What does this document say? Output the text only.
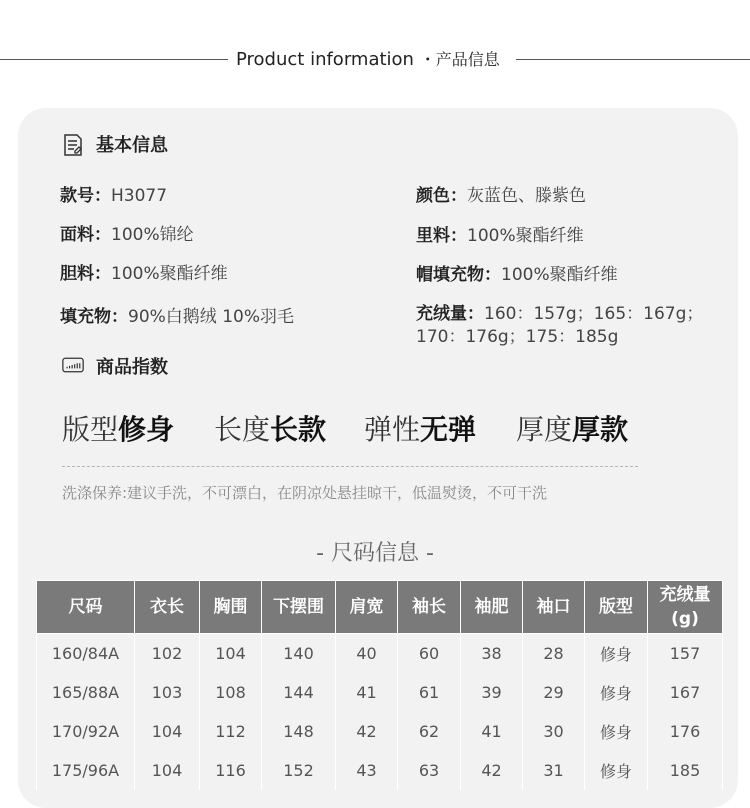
Product information ・产品信息
基本信息
款号：H3077	颜色：灰蓝色、滕紫色
面料：100%锦纶	里料：100%聚酯纤维
胆料：100%聚酯纤维	帽填充物：100%聚酯纤维
填充物：90%白鹅绒 10%羽毛	充绒量：160：157g；165：167g；
170：176g；175：185g
商品指数
版型修身 长度长款 弹性无弹 厚度厚款
洗涤保养:建议手洗，不可漂白，在阴凉处悬挂晾干，低温熨烫，不可干洗
- 尺码信息 -
尺码	衣长	胸围	下摆围	肩宽	袖长	袖肥	袖口	版型	充绒量
(g)
160/84A	102	104	140	40	60	38	28	修身	157
165/88A	103	108	144	41	61	39	29	修身	167
170/92A	104	112	148	42	62	41	30	修身	176
175/96A	104	116	152	43	63	42	31	修身	185
